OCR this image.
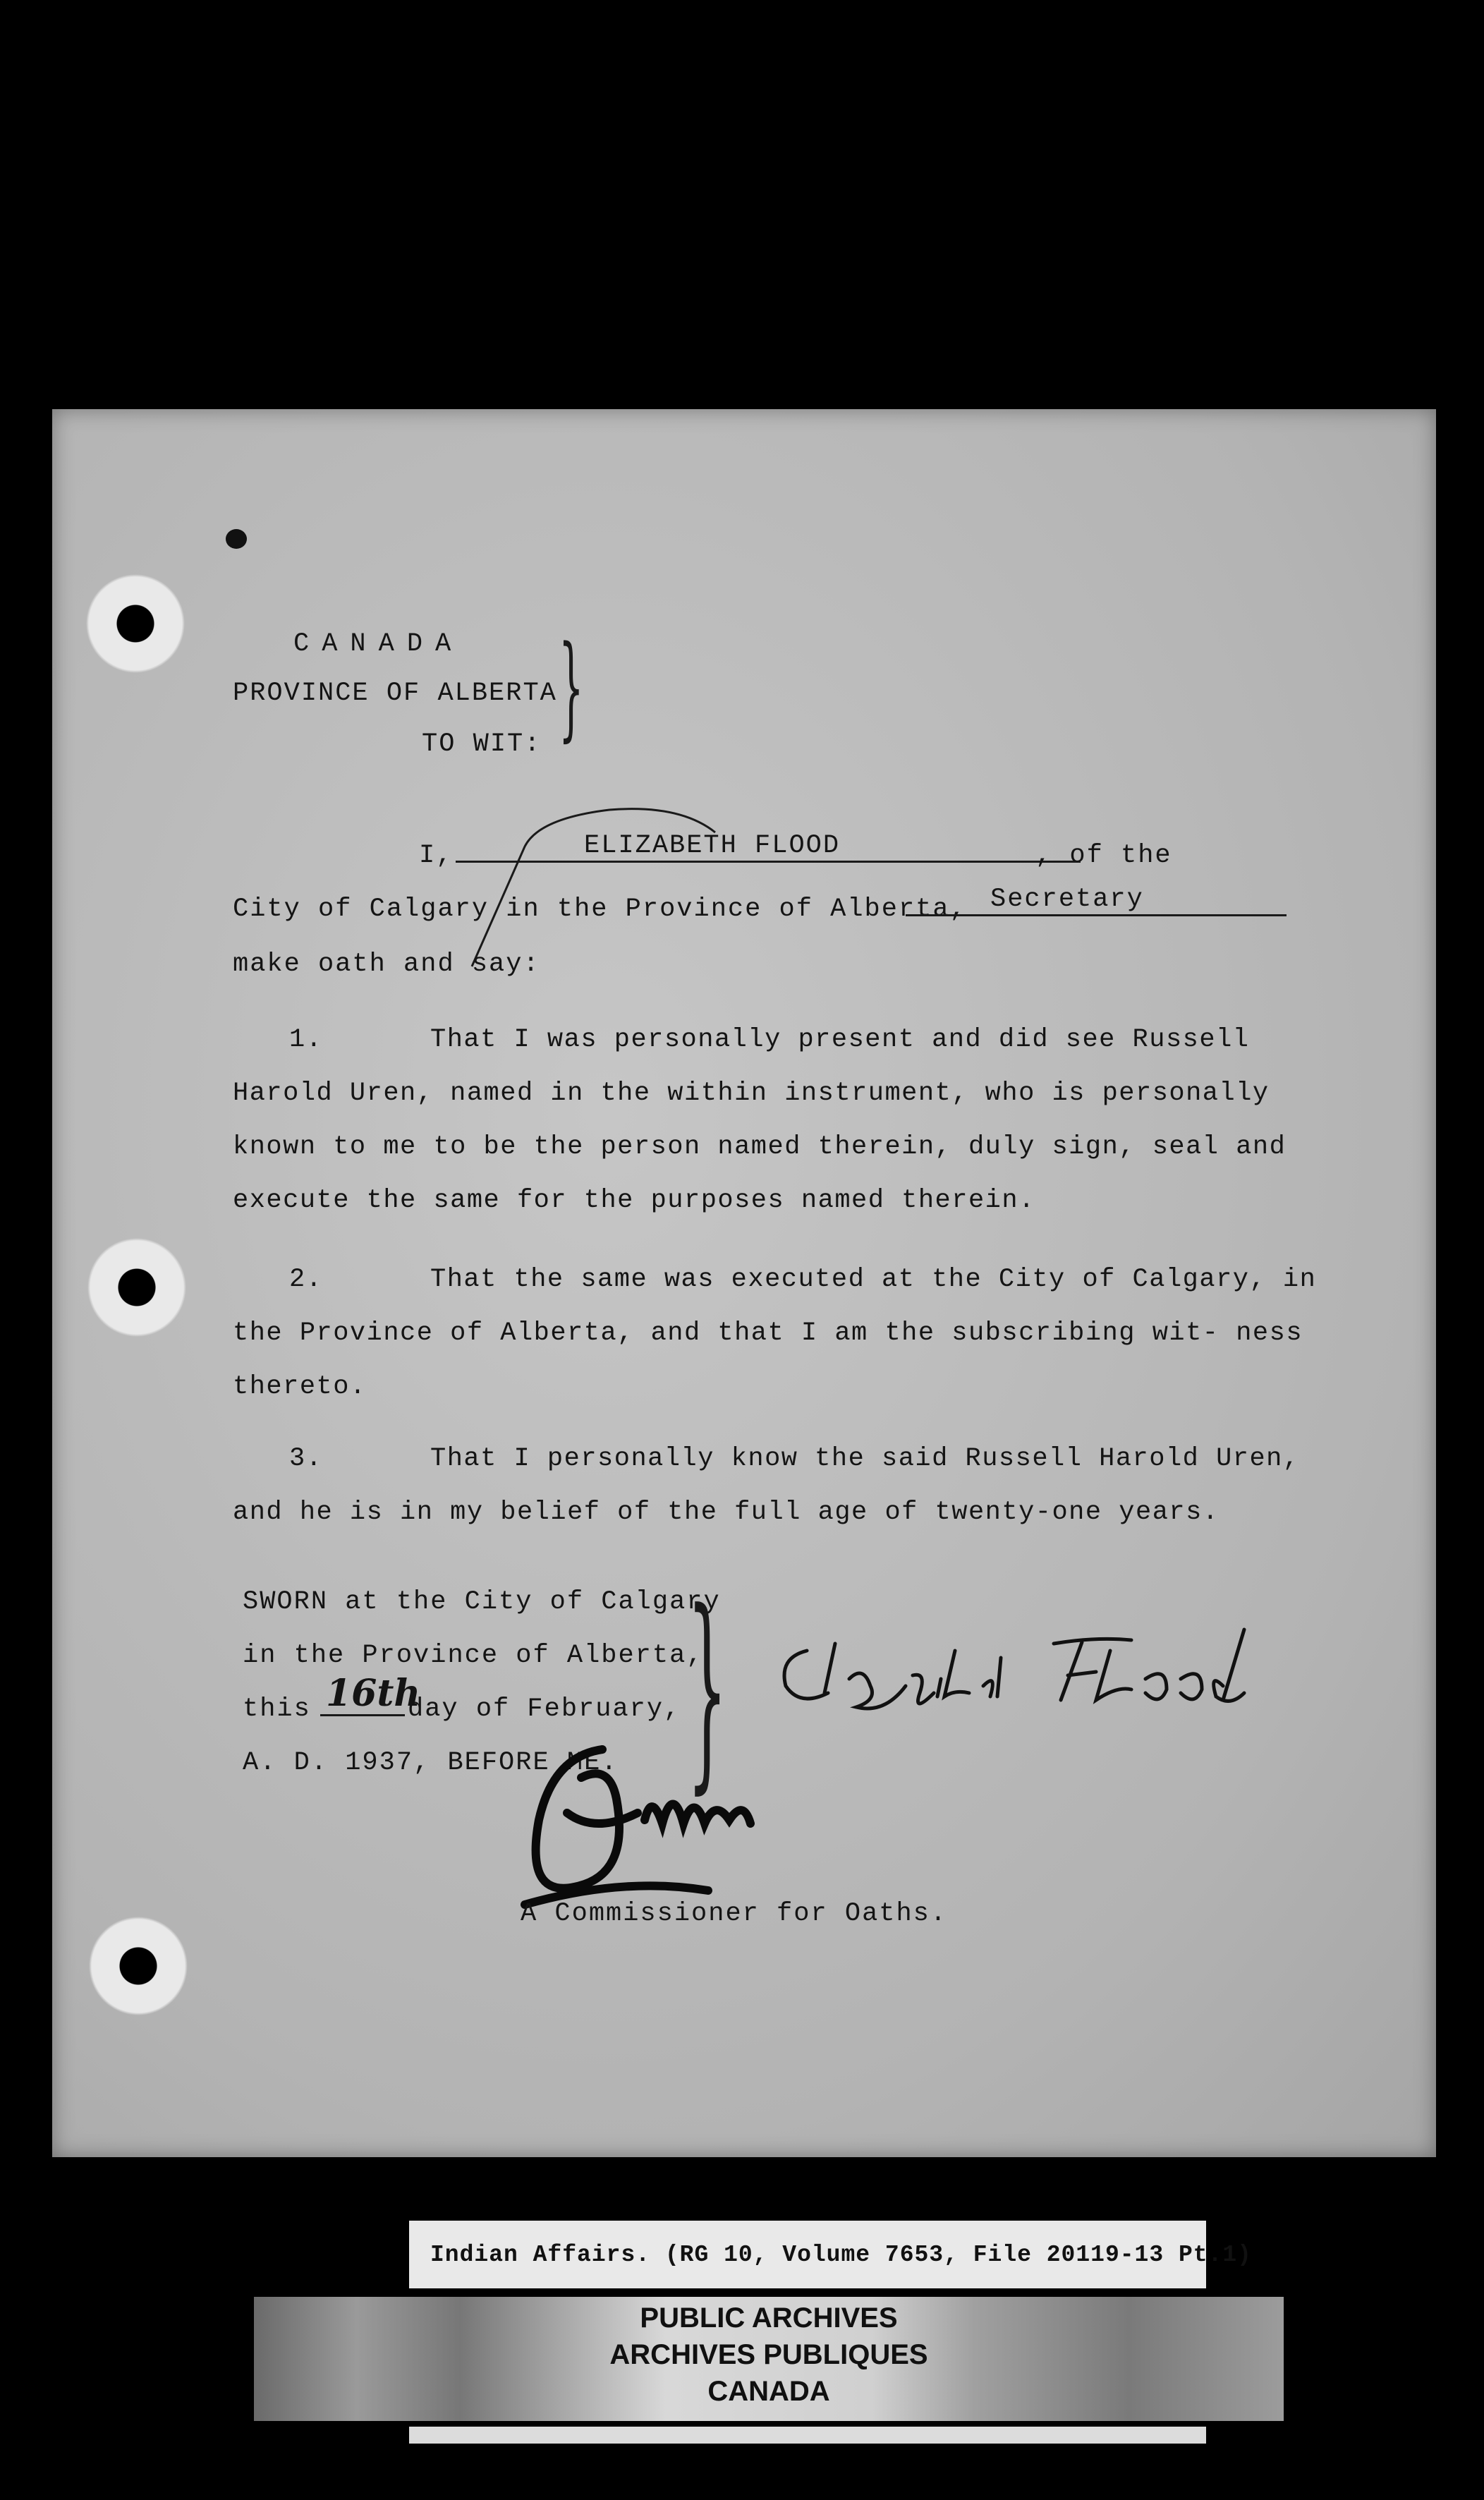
CANADA
PROVINCE OF ALBERTA
TO WIT: }
I,	ELIZABETH FLOOD	, of the
City of Calgary in the Province of Alberta, Secretary
make oath and say:
1.	That I was personally present and did see Russell Harold Uren, named in the within instrument, who is personally known to me to be the person named therein, duly sign, seal and execute the same for the purposes named therein.
2.	That the same was executed at the City of Calgary, in the Province of Alberta, and that I am the subscribing wit- ness thereto.
3.	That I personally know the said Russell Harold Uren, and he is in my belief of the full age of twenty-one years.
SWORN at the City of Calgary
in the Province of Alberta,
this 16th
day of February,
A. D. 1937, BEFORE ME. }
A Commissioner for Oaths.
Indian Affairs. (RG 10, Volume 7653, File 20119-13 Pt.1)
PUBLIC ARCHIVES
ARCHIVES PUBLIQUES
CANADA
